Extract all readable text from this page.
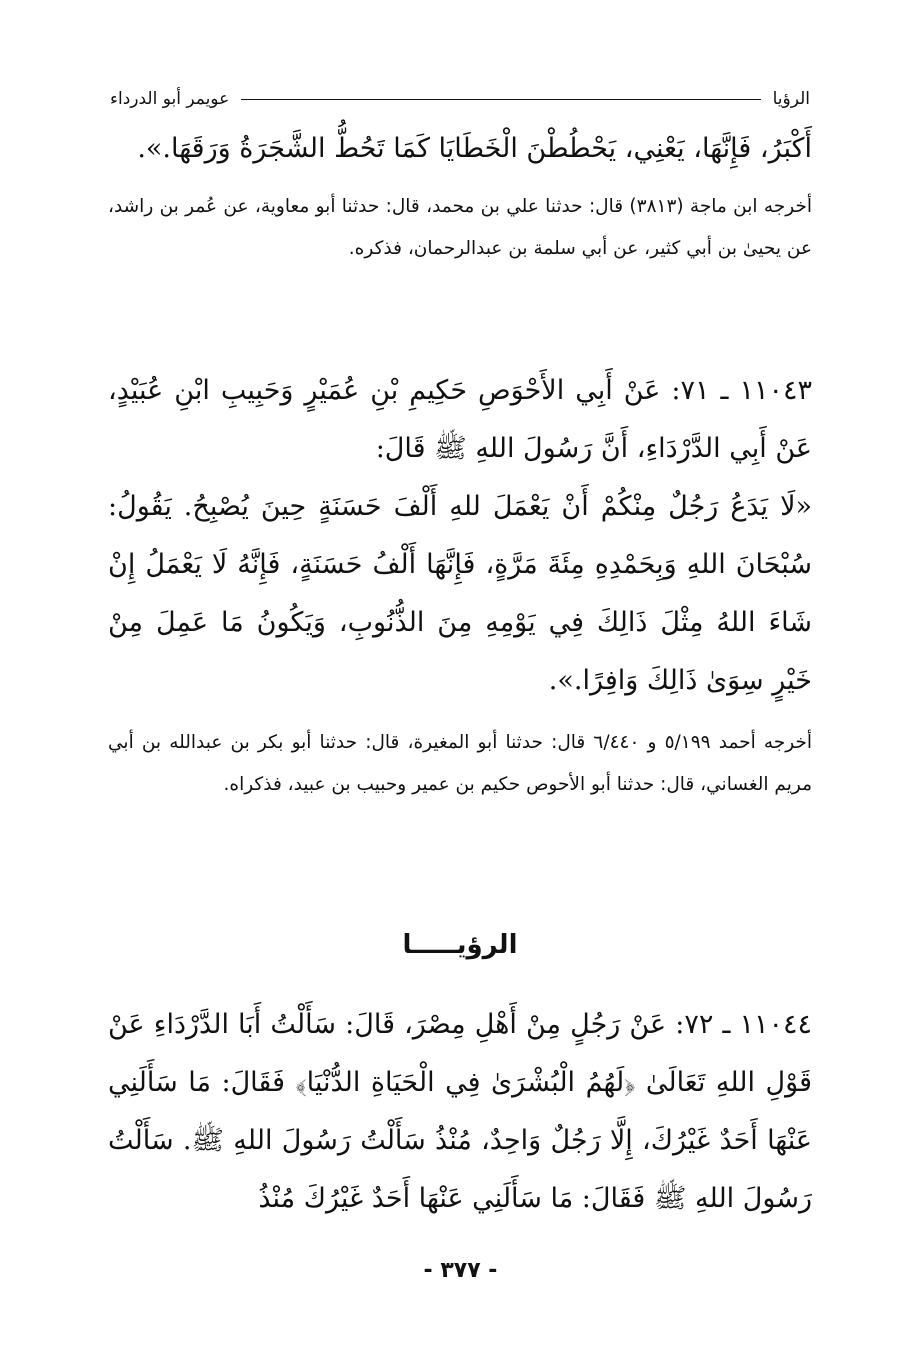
الرؤيا
عويمر أبو الدرداء

أَكْبَرُ، فَإِنَّهَا، يَعْنِي، يَحْطُطْنَ الْخَطَايَا كَمَا تَحُطُّ الشَّجَرَةُ وَرَقَهَا.».

أخرجه ابن ماجة (٣٨١٣) قال: حدثنا علي بن محمد، قال: حدثنا أبو معاوية، عن عُمر بن راشد، عن يحيىٰ بن أبي كثير، عن أبي سلمة بن عبدالرحمان، فذكره.

١١٠٤٣ ـ ٧١: عَنْ أَبِي الأَحْوَصِ حَكِيمِ بْنِ عُمَيْرٍ وَحَبِيبِ ابْنِ عُبَيْدٍ، عَنْ أَبِي الدَّرْدَاءِ، أَنَّ رَسُولَ اللهِ ﷺ قَالَ:

«لَا يَدَعُ رَجُلٌ مِنْكُمْ أَنْ يَعْمَلَ للهِ أَلْفَ حَسَنَةٍ حِينَ يُصْبِحُ. يَقُولُ: سُبْحَانَ اللهِ وَبِحَمْدِهِ مِئَةَ مَرَّةٍ، فَإِنَّهَا أَلْفُ حَسَنَةٍ، فَإِنَّهُ لَا يَعْمَلُ إِنْ شَاءَ اللهُ مِثْلَ ذَالِكَ فِي يَوْمِهِ مِنَ الذُّنُوبِ، وَيَكُونُ مَا عَمِلَ مِنْ خَيْرٍ سِوَىٰ ذَالِكَ وَافِرًا.».

أخرجه أحمد ٥/١٩٩ و ٦/٤٤٠ قال: حدثنا أبو المغيرة، قال: حدثنا أبو بكر بن عبدالله بن أبي مريم الغساني، قال: حدثنا أبو الأحوص حكيم بن عمير وحبيب بن عبيد، فذكراه.

الرؤيـــــا

١١٠٤٤ ـ ٧٢: عَنْ رَجُلٍ مِنْ أَهْلِ مِصْرَ، قَالَ: سَأَلْتُ أَبَا الدَّرْدَاءِ عَنْ قَوْلِ اللهِ تَعَالَىٰ ﴿لَهُمُ الْبُشْرَىٰ فِي الْحَيَاةِ الدُّنْيَا﴾ فَقَالَ: مَا سَأَلَنِي عَنْهَا أَحَدٌ غَيْرُكَ، إِلَّا رَجُلٌ وَاحِدٌ، مُنْذُ سَأَلْتُ رَسُولَ اللهِ ﷺ. سَأَلْتُ رَسُولَ اللهِ ﷺ فَقَالَ: مَا سَأَلَنِي عَنْهَا أَحَدٌ غَيْرُكَ مُنْذُ

- ٣٧٧ -
